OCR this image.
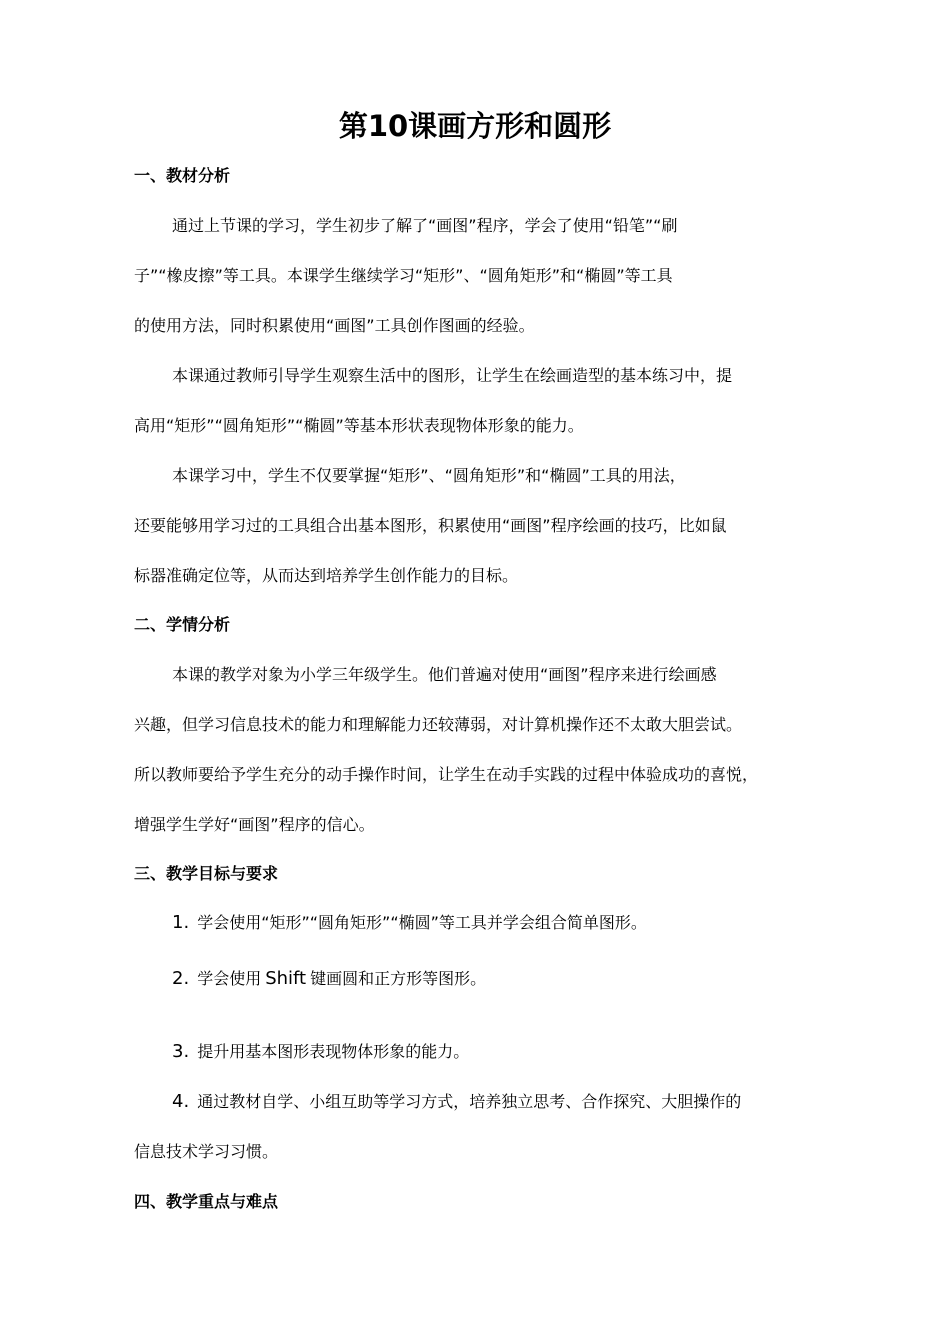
第10课画方形和圆形
一、教材分析

通过上节课的学习，学生初步了解了“画图”程序，学会了使用“铅笔”“刷

子”“橡皮擦”等工具。本课学生继续学习“矩形”、“圆角矩形”和“椭圆”等工具

的使用方法，同时积累使用“画图”工具创作图画的经验。

本课通过教师引导学生观察生活中的图形，让学生在绘画造型的基本练习中，提

高用“矩形”“圆角矩形”“椭圆”等基本形状表现物体形象的能力。

本课学习中，学生不仅要掌握“矩形”、“圆角矩形”和“椭圆”工具的用法，

还要能够用学习过的工具组合出基本图形，积累使用“画图”程序绘画的技巧，比如鼠

标器准确定位等，从而达到培养学生创作能力的目标。

二、学情分析

本课的教学对象为小学三年级学生。他们普遍对使用“画图”程序来进行绘画感

兴趣，但学习信息技术的能力和理解能力还较薄弱，对计算机操作还不太敢大胆尝试。

所以教师要给予学生充分的动手操作时间，让学生在动手实践的过程中体验成功的喜悦，

增强学生学好“画图”程序的信心。

三、教学目标与要求
1. 学会使用“矩形”“圆角矩形”“椭圆”等工具并学会组合简单图形。
2. 学会使用 Shift 键画圆和正方形等图形。
3. 提升用基本图形表现物体形象的能力。
4. 通过教材自学、小组互助等学习方式，培养独立思考、合作探究、大胆操作的

信息技术学习习惯。

四、教学重点与难点
